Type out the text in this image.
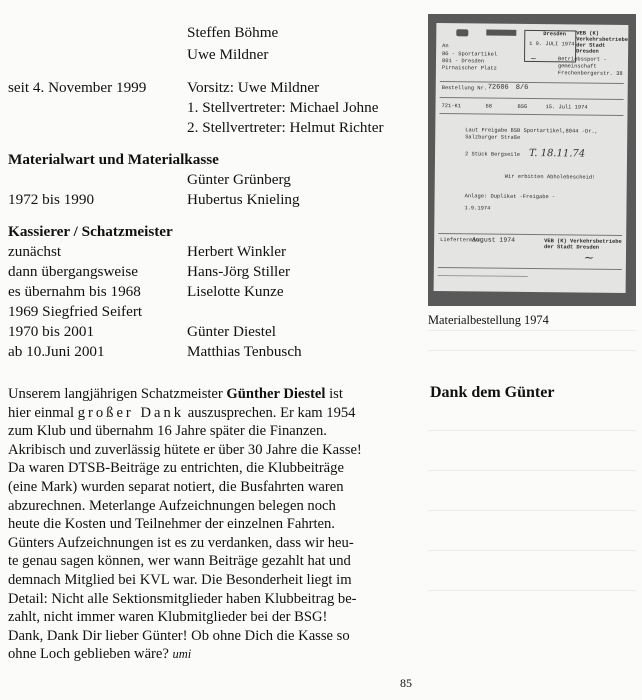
Steffen Böhme
Uwe Mildner
seit 4. November 1999	Vorsitz: Uwe Mildner
1. Stellvertreter: Michael Johne
2. Stellvertreter: Helmut Richter
Materialwart und Materialkasse
Günter Grünberg
1972 bis 1990	Hubertus Knieling
Kassierer / Schatzmeister
zunächst	Herbert Winkler
dann übergangsweise	Hans-Jörg Stiller
es übernahm bis 1968	Liselotte Kunze
1969 Siegfried Seifert
1970 bis 2001	Günter Diestel
ab 10.Juni 2001	Matthias Tenbusch

Unserem langjährigen Schatzmeister Günther Diestel ist

hier einmal großer Dank auszusprechen. Er kam 1954

zum Klub und übernahm 16 Jahre später die Finanzen.

Akribisch und zuverlässig hütete er über 30 Jahre die Kasse!

Da waren DTSB-Beiträge zu entrichten, die Klubbeiträge

(eine Mark) wurden separat notiert, die Busfahrten waren

abzurechnen. Meterlange Aufzeichnungen belegen noch

heute die Kosten und Teilnehmer der einzelnen Fahrten.

Günters Aufzeichnungen ist es zu verdanken, dass wir heu-

te genau sagen können, wer wann Beiträge gezahlt hat und

demnach Mitglied bei KVL war. Die Besonderheit liegt im

Detail: Nicht alle Sektionsmitglieder haben Klubbeitrag be-

zahlt, nicht immer waren Klubmitglieder bei der BSG!

Dank, Dank Dir lieber Günter! Ob ohne Dich die Kasse so

ohne Loch geblieben wäre? umi

Dank dem Günter
Dresden
1 9. JULI 1974
VEB (K) Verkehrsbetriebe der Stadt Dresden
An
BG - Sportartikel
801 - Dresden
Pirnaischer Platz
Betriebssport -
gemeinschaft
Frechenbergerstr. 38
~
Bestellung Nr. 72606 8/6
721-K1	68	BSG	15. Juli 1974
Laut Freigabe BSB Sportartikel,8044 -Dr.,
Salzburger Straße
2 Stück Bergseile T. 18.11.74
Wir erbitten Abholebescheid!
Anlage: Duplikat -Freigabe -
1.9.1974
Liefertermin:
August 1974	VEB (K) Verkehrsbetriebe der Stadt Dresden
~
Materialbestellung 1974
85
